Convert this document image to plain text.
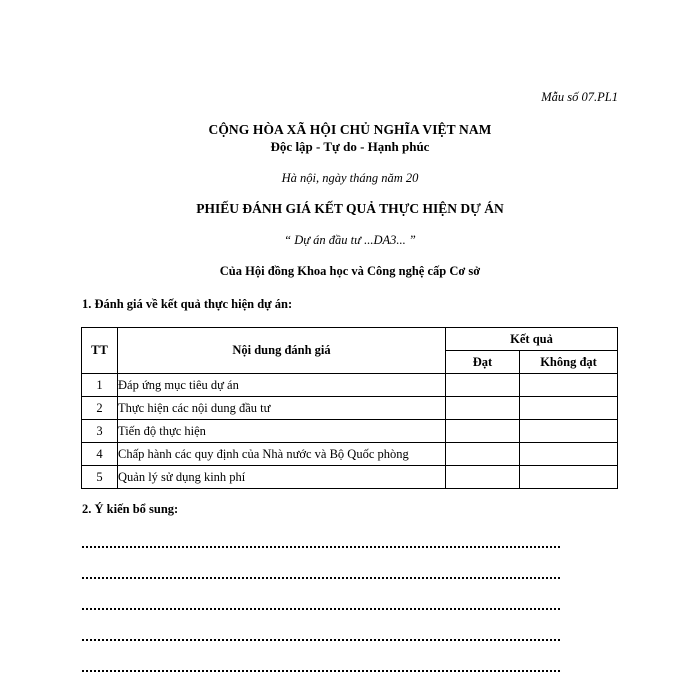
Mẫu số 07.PL1
CỘNG HÒA XÃ HỘI CHỦ NGHĨA VIỆT NAM
Độc lập - Tự do - Hạnh phúc
Hà nội, ngày tháng năm 20
PHIẾU ĐÁNH GIÁ KẾT QUẢ THỰC HIỆN DỰ ÁN
“ Dự án đầu tư ...DA3... ”
Của Hội đồng Khoa học và Công nghệ cấp Cơ sở
1. Đánh giá về kết quả thực hiện dự án:
TT	Nội dung đánh giá	Kết quả	
		Đạt	Không đạt
1	Đáp ứng mục tiêu dự án		
2	Thực hiện các nội dung đầu tư		
3	Tiến độ thực hiện		
4	Chấp hành các quy định của Nhà nước và Bộ Quốc phòng		
5	Quản lý sử dụng kinh phí		
2. Ý kiến bổ sung:
